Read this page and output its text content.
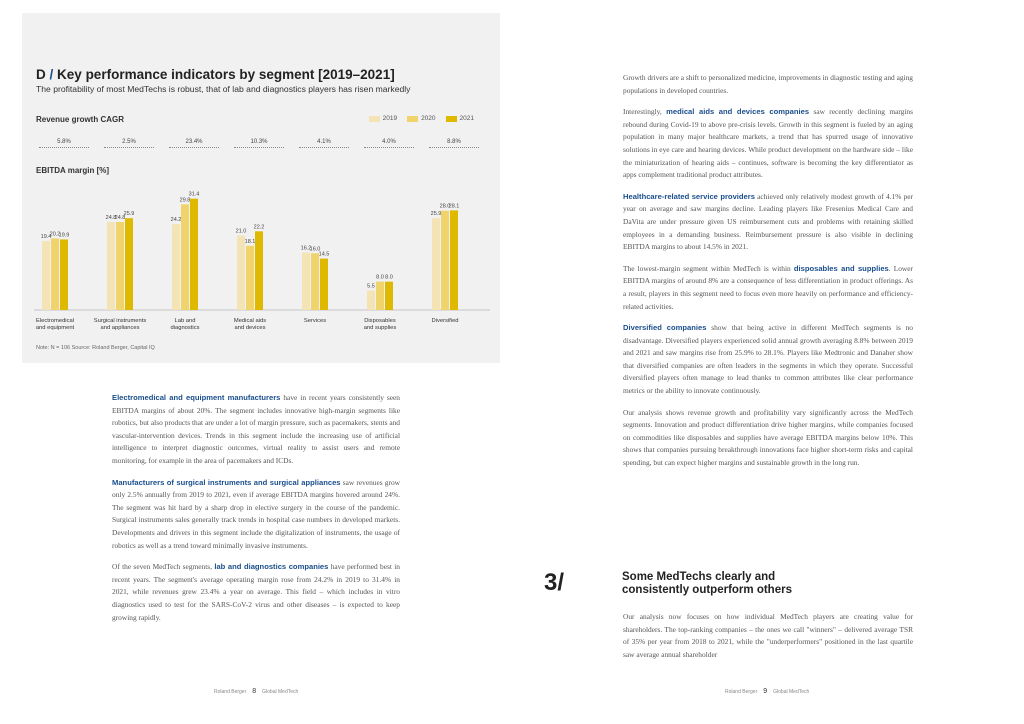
D / Key performance indicators by segment [2019–2021]
The profitability of most MedTechs is robust, that of lab and diagnostics players has risen markedly
Revenue growth CAGR	2019	2020	2021
5.8%	2.5%	23.4%	10.3%	4.1%	4.0%	8.8%
EBITDA margin [%]
19.4
20.2
19.9
Electromedical
and equipment
24.8
24.8
25.9
Surgical instruments
and appliances
24.2
29.8
31.4
Lab and
diagnostics
21.0
18.1
22.2
Medical aids
and devices
16.2
16.0
14.5
Services
5.5
8.0 8.0
Disposables
and supplies
25.9
28.0
28.1
Diversified
Note: N = 106 Source: Roland Berger, Capital IQ

Electromedical and equipment manufacturers have in recent years consistently seen EBITDA margins of about 20%. The segment includes innovative high-margin segments like robotics, but also products that are under a lot of margin pressure, such as pacemakers, stents and vascular-intervention devices. Trends in this segment include the increasing use of artificial intelligence to interpret diagnostic outcomes, virtual reality to assist users and remote monitoring, for example in the area of pacemakers and ICDs.

Manufacturers of surgical instruments and surgical appliances saw revenues grow only 2.5% annually from 2019 to 2021, even if average EBITDA margins hovered around 24%. The segment was hit hard by a sharp drop in elective surgery in the course of the pandemic. Surgical instruments sales generally track trends in hospital case numbers in developed markets. Developments and drivers in this segment include the digitalization of instruments, the usage of robotics as well as a trend toward minimally invasive instruments.

Of the seven MedTech segments, lab and diagnostics companies have performed best in recent years. The segment's average operating margin rose from 24.2% in 2019 to 31.4% in 2021, while revenues grew 23.4% a year on average. This field – which includes in vitro diagnostics used to test for the SARS-CoV-2 virus and other diseases – is expected to keep growing rapidly.

Growth drivers are a shift to personalized medicine, improvements in diagnostic testing and aging populations in developed countries.

Interestingly, medical aids and devices companies saw recently declining margins rebound during Covid-19 to above pre-crisis levels. Growth in this segment is fueled by an aging population in many major healthcare markets, a trend that has spurred usage of innovative solutions in eye care and hearing devices. While product development on the hardware side – like the miniaturization of hearing aids – continues, software is becoming the key differentiator as apps complement traditional product attributes.

Healthcare-related service providers achieved only relatively modest growth of 4.1% per year on average and saw margins decline. Leading players like Fresenius Medical Care and DaVita are under pressure given US reimbursement cuts and problems with retaining skilled employees in a demanding business. Reimbursement pressure is also visible in declining EBITDA margins to about 14.5% in 2021.

The lowest-margin segment within MedTech is within disposables and supplies. Lower EBITDA margins of around 8% are a consequence of less differentiation in product offerings. As a result, players in this segment need to focus even more heavily on performance and efficiency-related activities.

Diversified companies show that being active in different MedTech segments is no disadvantage. Diversified players experienced solid annual growth averaging 8.8% between 2019 and 2021 and saw margins rise from 25.9% to 28.1%. Players like Medtronic and Danaher show that diversified companies are often leaders in the segments in which they operate. Successful diversified players often manage to lead thanks to common attributes like clear performance metrics or the ability to innovate continuously.

Our analysis shows revenue growth and profitability vary significantly across the MedTech segments. Innovation and product differentiation drive higher margins, while companies focused on commodities like disposables and supplies have average EBITDA margins below 10%. This shows that companies pursuing breakthrough innovations face higher short-term risks and capital spending, but can expect higher margins and sustainable growth in the long run.

3/	Some MedTechs clearly and
consistently outperform others

Our analysis now focuses on how individual MedTech players are creating value for shareholders. The top-ranking companies – the ones we call "winners" – delivered average TSR of 35% per year from 2018 to 2021, while the "underperformers" positioned in the last quartile saw average annual shareholder

Roland Berger 8 Global MedTech	Roland Berger 9 Global MedTech
